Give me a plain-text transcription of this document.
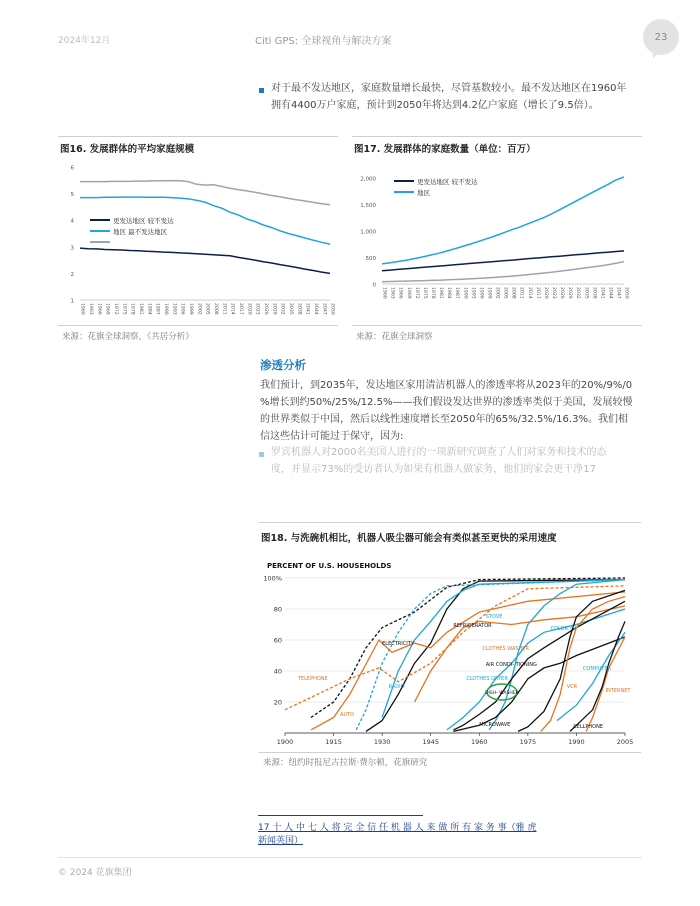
2024年12月	Citi GPS: 全球视角与解决方案	23
对于最不发达地区，家庭数量增长最快，尽管基数较小。最不发达地区在1960年
拥有4400万户家庭，预计到2050年将达到4.2亿户家庭（增长了9.5倍）。
图16. 发展群体的平均家庭规模
1
2
3
4
5
6
1960 1963 1966 1969 1972 1975 1978 1981 1984 1987 1990 1993 1996 1999 2002 2005 2008 2011 2014 2017 2020 2023 2026 2029 2032 2035 2038 2041 2044 2047 2050
更发达地区 较不发达
地区 最不发达地区
来源：花旗全球洞察，《共居分析》
图17. 发展群体的家庭数量（单位：百万）
0
500
1,000
1,500
2,000
1960 1963 1966 1969 1972 1975 1978 1981 1984 1987 1990 1993 1996 1999 2002 2005 2008 2011 2014 2017 2020 2023 2026 2029 2032 2035 2038 2041 2044 2047 2050
更发达地区 较不发达
地区
来源：花旗全球洞察
渗透分析
我们预计，到2035年，发达地区家用清洁机器人的渗透率将从2023年的20%/9%/0
%增长到约50%/25%/12.5%——我们假设发达世界的渗透率类似于美国，发展较慢
的世界类似于中国，然后以线性速度增长至2050年的65%/32.5%/16.3%。我们相
信这些估计可能过于保守，因为:
罗宾机器人对2000名美国人进行的一项新研究调查了人们对家务和技术的态
度，并显示73%的受访者认为如果有机器人做家务，他们的家会更干净17
图18. 与洗碗机相比，机器人吸尘器可能会有类似甚至更快的采用速度
PERCENT OF U.S. HOUSEHOLDS
100%
80
60
40
20
1900	1915	1930	1945	1960	1975	1990	2005
ELECTRICITY
REFRIGERATOR
STOVE
COLOR TV
COMPUTER
TELEPHONE
RADIO
CLOTHES DRYER
VCR
INTERNET
AUTO
MICROWAVE	CELLPHONE
CLOTHES WASHER
AIR CONDI- TIONING
DISH- WASHER
来源：纽约时报尼古拉斯·费尔顿，花旗研究
17 十 人 中 七 人 将 完 全 信 任 机 器 人 来 做 所 有 家 务 事（雅 虎
新闻英国）
© 2024 花旗集团
